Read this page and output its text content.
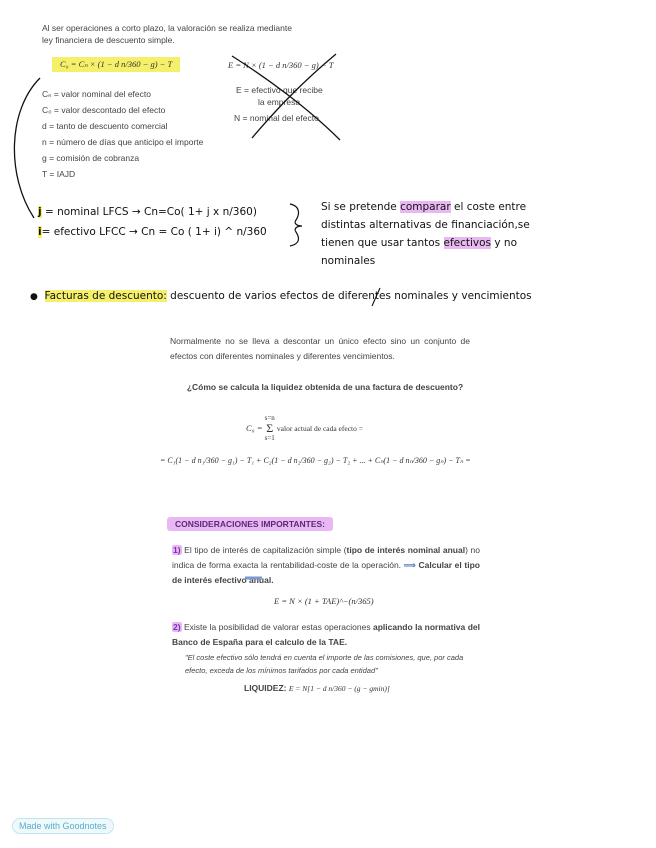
Al ser operaciones a corto plazo, la valoración se realiza mediante
ley financiera de descuento simple.
C₀ = Cₙ × (1 − d n/360 − g) − T	E = N × (1 − d n/360 − g) − T
E = efectivo que recibe
la empresa
N = nominal del efecto
Cₙ = valor nominal del efecto
C₀ = valor descontado del efecto
d = tanto de descuento comercial
n = número de días que anticipo el importe
g = comisión de cobranza
T = IAJD
j = nominal LFCS → Cn=Co( 1+ j x n/360)
i= efectivo LFCC → Cn = Co ( 1+ i) ^ n/360
Si se pretende comparar el coste entre distintas alternativas de financiación,se tienen que usar tantos efectivos y no nominales
● Facturas de descuento: descuento de varios efectos de diferentes nominales y vencimientos
Normalmente no se lleva a descontar un único efecto sino un conjunto de efectos con diferentes nominales y diferentes vencimientos.
¿Cómo se calcula la liquidez obtenida de una factura de descuento?
C₀ =
s=n
Σ
s=1
valor actual de cada efecto =
= C₁(1 − d n₁/360 − g₁) − T₁ + C₂(1 − d n₂/360 − g₂) − T₂ + ... + Cₙ(1 − d nₙ/360 − gₙ) − Tₙ =
CONSIDERACIONES IMPORTANTES:
1) El tipo de interés de capitalización simple (tipo de interés nominal anual) no indica de forma exacta la rentabilidad-coste de la operación. ⟹ Calcular el tipo de interés efectivo anual.
E = N × (1 + TAE)^−(n/365)
2) Existe la posibilidad de valorar estas operaciones aplicando la normativa del Banco de España para el calculo de la TAE.
"El coste efectivo sólo tendrá en cuenta el importe de las comisiones, que, por cada efecto, exceda de los mínimos tarifados por cada entidad"
LIQUIDEZ: E = N[1 − d n/360 − (g − gmin)]
Made with Goodnotes
